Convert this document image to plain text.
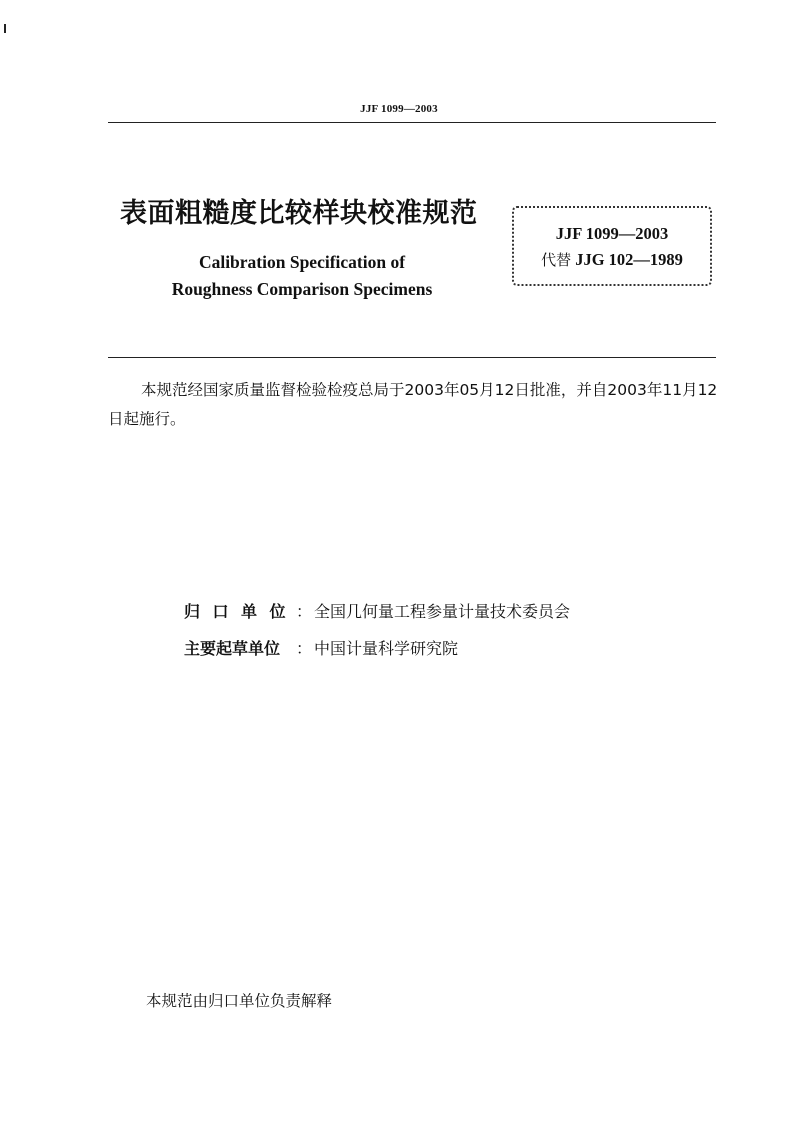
JJF 1099—2003
表面粗糙度比较样块校准规范
Calibration Specification of
Roughness Comparison Specimens
JJF 1099—2003
代替 JJG 102—1989
本规范经国家质量监督检验检疫总局于2003年05月12日批准，并自2003年11月12日起施行。
归口单位： 全国几何量工程参量计量技术委员会
主要起草单位 ： 中国计量科学研究院
本规范由归口单位负责解释
